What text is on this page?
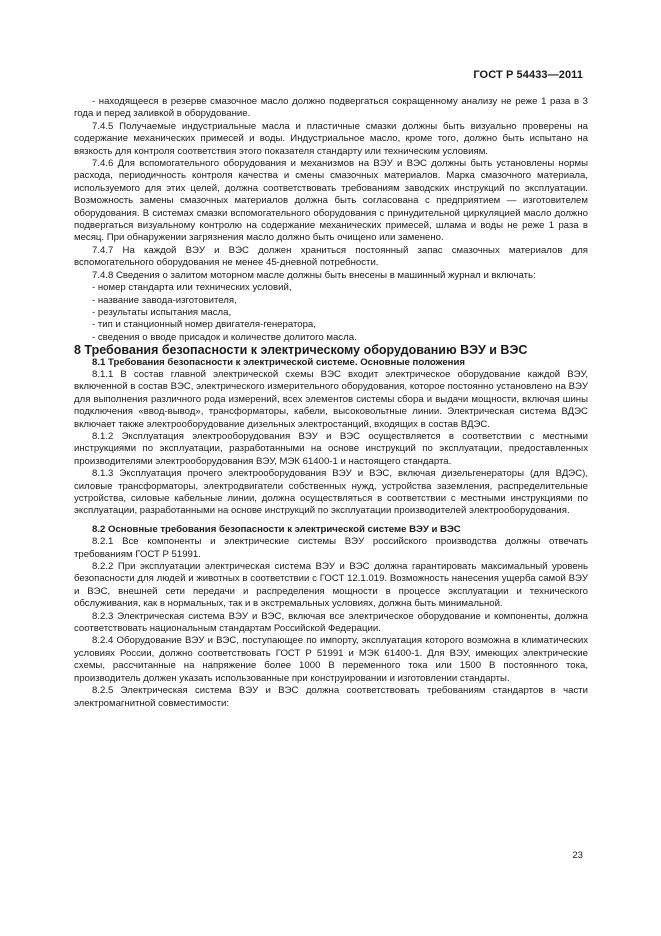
ГОСТ Р 54433—2011

- находящееся в резерве смазочное масло должно подвергаться сокращенному анализу не реже 1 раза в 3 года и перед заливкой в оборудование.

7.4.5 Получаемые индустриальные масла и пластичные смазки должны быть визуально проверены на содержание механических примесей и воды. Индустриальное масло, кроме того, должно быть испытано на вязкость для контроля соответствия этого показателя стандарту или техническим условиям.

7.4.6 Для вспомогательного оборудования и механизмов на ВЭУ и ВЭС должны быть установлены нормы расхода, периодичность контроля качества и смены смазочных материалов. Марка смазочного материала, используемого для этих целей, должна соответствовать требованиям заводских инструкций по эксплуатации. Возможность замены смазочных материалов должна быть согласована с предприятием — изготовителем оборудования. В системах смазки вспомогательного оборудования с принудительной циркуляцией масло должно подвергаться визуальному контролю на содержание механических примесей, шлама и воды не реже 1 раза в месяц. При обнаружении загрязнения масло должно быть очищено или заменено.

7.4.7 На каждой ВЭУ и ВЭС должен храниться постоянный запас смазочных материалов для вспомогательного оборудования не менее 45-дневной потребности.

7.4.8 Сведения о залитом моторном масле должны быть внесены в машинный журнал и включать:

- номер стандарта или технических условий,

- название завода-изготовителя,

- результаты испытания масла,

- тип и станционный номер двигателя-генератора,

- сведения о вводе присадок и количестве долитого масла.

8 Требования безопасности к электрическому оборудованию ВЭУ и ВЭС

8.1 Требования безопасности к электрической системе. Основные положения

8.1.1 В состав главной электрической схемы ВЭС входит электрическое оборудование каждой ВЭУ, включенной в состав ВЭС, электрического измерительного оборудования, которое постоянно установлено на ВЭУ для выполнения различного рода измерений, всех элементов системы сбора и выдачи мощности, включая шины подключения «ввод-вывод», трансформаторы, кабели, высоковольтные линии. Электрическая система ВДЭС включает также электрооборудование дизельных электростанций, входящих в состав ВДЭС.

8.1.2 Эксплуатация электрооборудования ВЭУ и ВЭС осуществляется в соответствии с местными инструкциями по эксплуатации, разработанными на основе инструкций по эксплуатации, предоставленных производителями электрооборудования ВЭУ, МЭК 61400-1 и настоящего стандарта.

8.1.3 Эксплуатация прочего электрооборудования ВЭУ и ВЭС, включая дизельгенераторы (для ВДЭС), силовые трансформаторы, электродвигатели собственных нужд, устройства заземления, распределительные устройства, силовые кабельные линии, должна осуществляться в соответствии с местными инструкциями по эксплуатации, разработанными на основе инструкций по эксплуатации производителей электрооборудования.

8.2 Основные требования безопасности к электрической системе ВЭУ и ВЭС

8.2.1 Все компоненты и электрические системы ВЭУ российского производства должны отвечать требованиям ГОСТ Р 51991.

8.2.2 При эксплуатации электрическая система ВЭУ и ВЭС должна гарантировать максимальный уровень безопасности для людей и животных в соответствии с ГОСТ 12.1.019. Возможность нанесения ущерба самой ВЭУ и ВЭС, внешней сети передачи и распределения мощности в процессе эксплуатации и технического обслуживания, как в нормальных, так и в экстремальных условиях, должна быть минимальной.

8.2.3 Электрическая система ВЭУ и ВЭС, включая все электрическое оборудование и компоненты, должна соответствовать национальным стандартам Российской Федерации.

8.2.4 Оборудование ВЭУ и ВЭС, поступающее по импорту, эксплуатация которого возможна в климатических условиях России, должно соответствовать ГОСТ Р 51991 и МЭК 61400-1. Для ВЭУ, имеющих электрические схемы, рассчитанные на напряжение более 1000 В переменного тока или 1500 В постоянного тока, производитель должен указать использованные при конструировании и изготовлении стандарты.

8.2.5 Электрическая система ВЭУ и ВЭС должна соответствовать требованиям стандартов в части электромагнитной совместимости:

23
